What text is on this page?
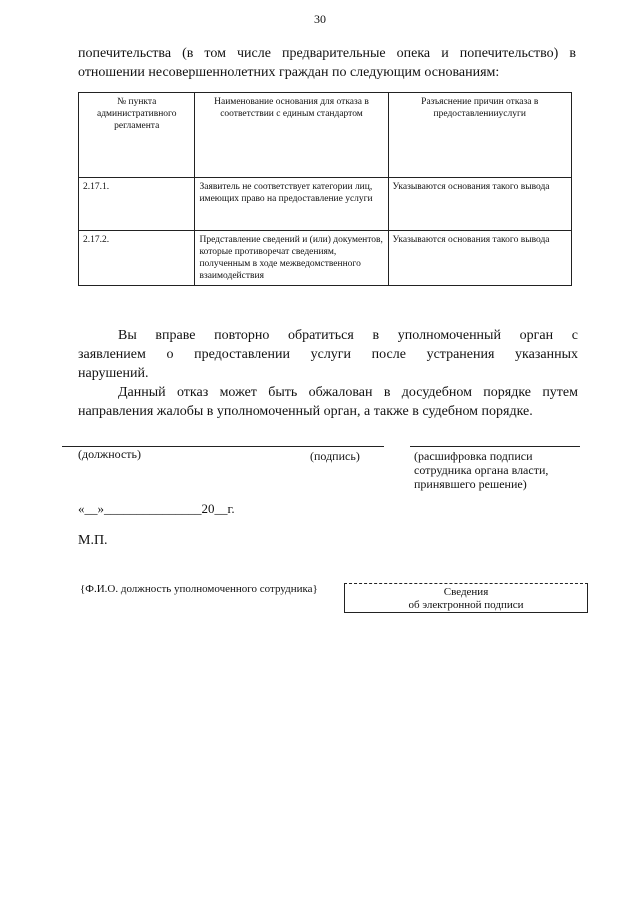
30
попечительства (в том числе предварительные опека и попечительство) в
отношении несовершеннолетних граждан по следующим основаниям:
№ пункта административного регламента	Наименование основания для отказа в соответствии с единым стандартом	Разъяснение причин отказа в предоставленииуслуги
2.17.1.	Заявитель не соответствует категории лиц, имеющих право на предоставление услуги	Указываются основания такого вывода
2.17.2.	Представление сведений и (или) документов, которые противоречат сведениям, полученным в ходе межведомственного взаимодействия	Указываются основания такого вывода
Вы вправе повторно обратиться в уполномоченный орган с заявлением о предоставлении услуги после устранения указанных нарушений.
Данный отказ может быть обжалован в досудебном порядке путем направления жалобы в уполномоченный орган, а также в судебном порядке.
(должность)	(подпись)	(расшифровка подписи сотрудника органа власти, принявшего решение)
«__»_______________20__г.
М.П.
{Ф.И.О. должность уполномоченного сотрудника}	Сведения
об электронной подписи
